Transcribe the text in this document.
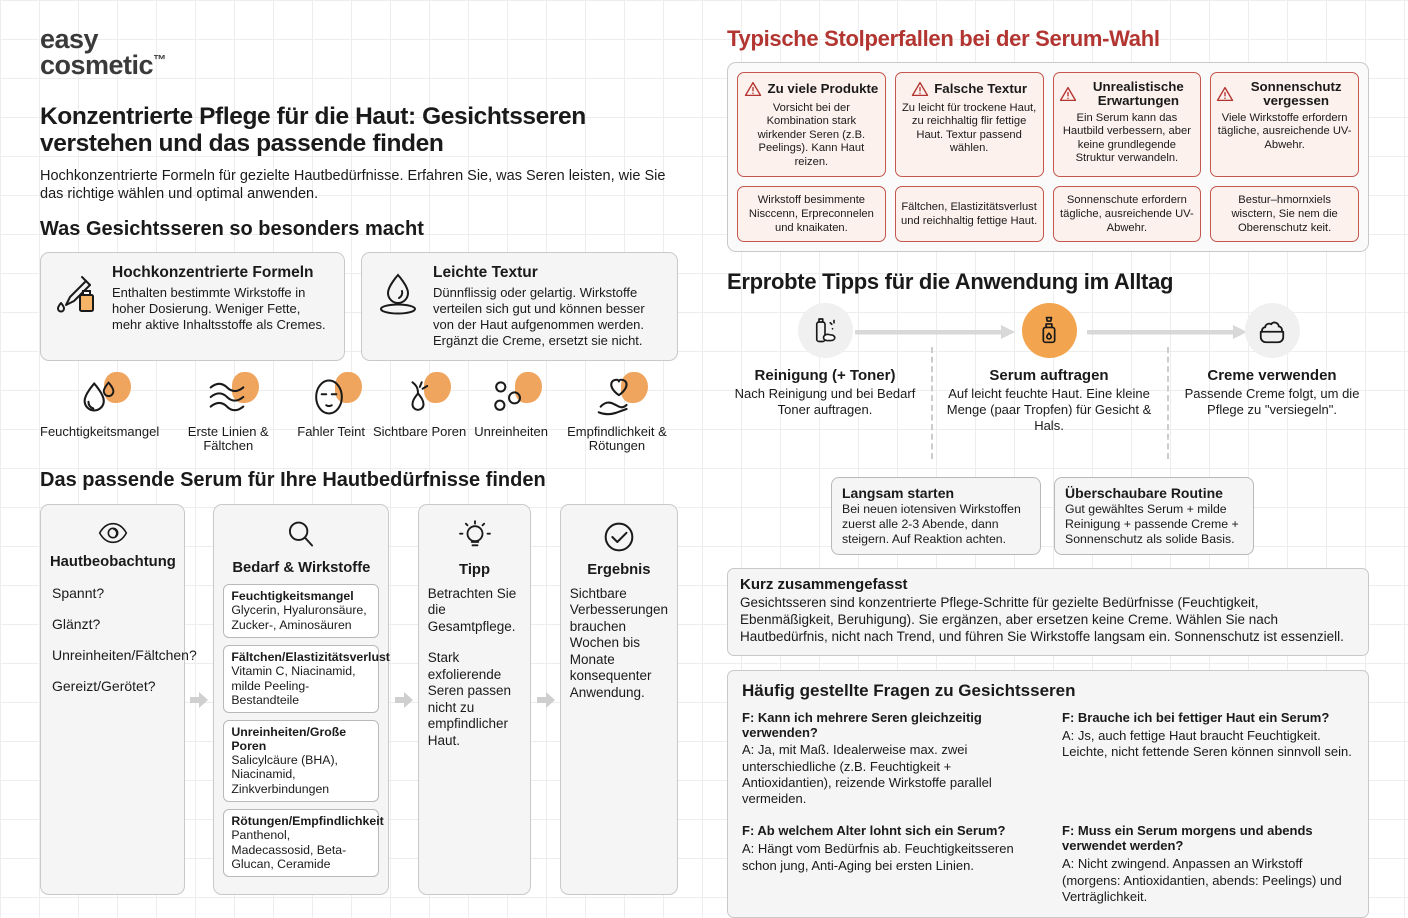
easy
cosmetic™
Konzentrierte Pflege für die Haut: Gesichtsseren verstehen und das passende finden

Hochkonzentrierte Formeln für gezielte Hautbedürfnisse. Erfahren Sie, was Seren leisten, wie Sie das richtige wählen und optimal anwenden.

Was Gesichtsseren so besonders macht
Hochkonzentrierte Formeln
Enthalten bestimmte Wirkstoffe in hoher Dosierung. Weniger Fette, mehr aktive Inhaltsstoffe als Cremes.
Leichte Textur
Dünnflissig oder gelartig. Wirkstoffe verteilen sich gut und können besser von der Haut aufgenommen werden. Ergänzt die Creme, ersetzt sie nicht.
Feuchtigkeitsmangel	Erste Linien & Fältchen
Fahler Teint Sichtbare Poren Unreinheiten	Empfindlichkeit & Rötungen
Das passende Serum für Ihre Hautbedürfnisse finden
Hautbeobachtung
Spannt?
Glänzt?
Unreinheiten/Fältchen?
Gereizt/Gerötet?
Bedarf & Wirkstoffe
Feuchtigkeitsmangel
Glycerin, Hyaluronsäure, Zucker-, Aminosäuren
Fältchen/Elastizitätsverlust
Vitamin C, Niacinamid, milde Peeling-Bestandteile
Unreinheiten/Große Poren
Salicylcäure (BHA), Niacinamid, Zinkverbindungen
Rötungen/Empfindlichkeit
Panthenol, Madecassosid, Beta-Glucan, Ceramide
Tipp

Betrachten Sie die Gesamtpflege.

Stark exfolierende Seren passen nicht zu empfindlicher Haut.

Ergebnis

Sichtbare Verbesserungen brauchen Wochen bis Monate konsequenter Anwendung.

Typische Stolperfallen bei der Serum-Wahl
Zu viele Produkte
Vorsicht bei der Kombination stark wirkender Seren (z.B. Peelings). Kann Haut reizen.
Falsche Textur
Zu leicht für trockene Haut, zu reichhaltig flir fettige Haut. Textur passend wählen.
Unrealistische Erwartungen
Ein Serum kann das Hautbild verbessern, aber keine grundlegende Struktur verwandeln.
Sonnenschutz vergessen
Viele Wirkstoffe erfordern tägliche, ausreichende UV-Abwehr.
Wirkstoff besimmente Nisccenn, Erpreconnelen und knaikaten.
Fältchen, Elastizitätsverlust und reichhaltig fettige Haut.
Sonnenschute erfordern tägliche, ausreichende UV-Abwehr.
Bestur–hmornxiels wisctern, Sie nem die Oberenschutz keit.
Erprobte Tipps für die Anwendung im Alltag
Reinigung (+ Toner)
Nach Reinigung und bei Bedarf Toner auftragen.
Serum auftragen
Auf leicht feuchte Haut. Eine kleine Menge (paar Tropfen) für Gesicht & Hals.
Creme verwenden
Passende Creme folgt, um die Pflege zu "versiegeln".
Langsam starten
Bei neuen iotensiven Wirkstoffen zuerst alle 2-3 Abende, dann steigern. Auf Reaktion achten.
Überschaubare Routine
Gut gewähltes Serum + milde Reinigung + passende Creme + Sonnenschutz als solide Basis.
Kurz zusammengefasst
Gesichtsseren sind konzentrierte Pflege-Schritte für gezielte Bedürfnisse (Feuchtigkeit, Ebenmäßigkeit, Beruhigung). Sie ergänzen, aber ersetzen keine Creme. Wählen Sie nach Hautbedürfnis, nicht nach Trend, und führen Sie Wirkstoffe langsam ein. Sonnenschutz ist essenziell.
Häufig gestellte Fragen zu Gesichtsseren
F: Kann ich mehrere Seren gleichzeitig verwenden?
A: Ja, mit Maß. Idealerweise max. zwei unterschiedliche (z.B. Feuchtigkeit + Antioxidantien), reizende Wirkstoffe parallel vermeiden.
F: Brauche ich bei fettiger Haut ein Serum?
A: Js, auch fettige Haut braucht Feuchtigkeit. Leichte, nicht fettende Seren können sinnvoll sein.
F: Ab welchem Alter lohnt sich ein Serum?
A: Hängt vom Bedürfnis ab. Feuchtigkeitsseren schon jung, Anti-Aging bei ersten Linien.
F: Muss ein Serum morgens und abends verwendet werden?
A: Nicht zwingend. Anpassen an Wirkstoff (morgens: Antioxidantien, abends: Peelings) und Verträglichkeit.
